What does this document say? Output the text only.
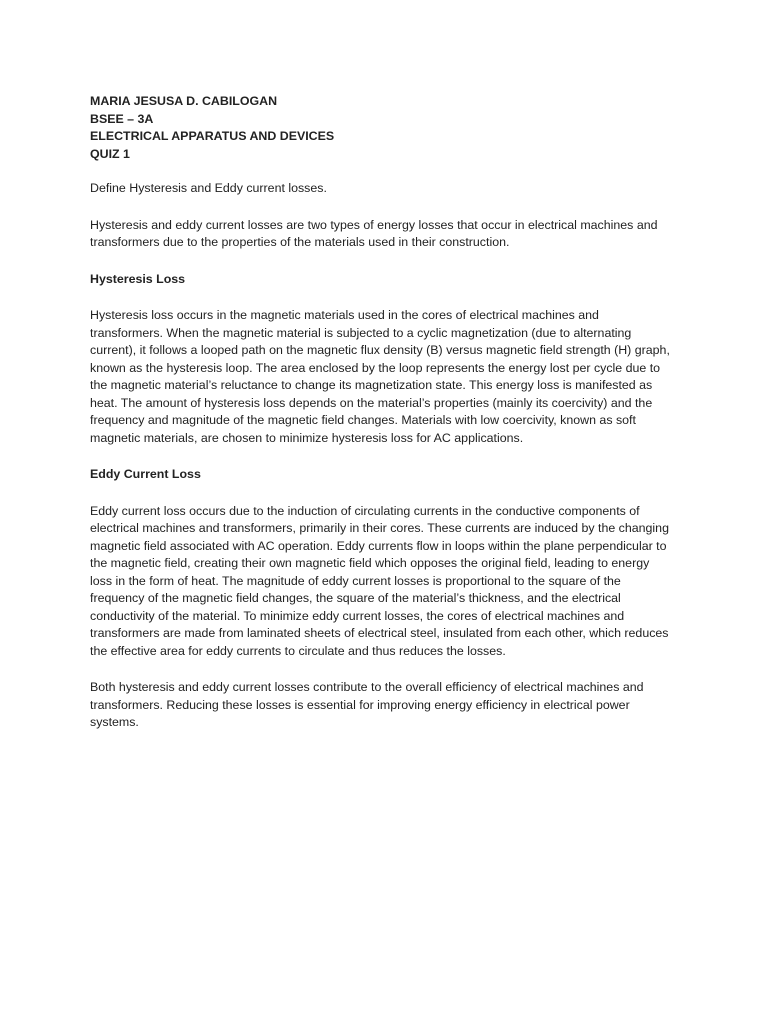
MARIA JESUSA D. CABILOGAN

BSEE – 3A

ELECTRICAL APPARATUS AND DEVICES

QUIZ 1

Define Hysteresis and Eddy current losses.

Hysteresis and eddy current losses are two types of energy losses that occur in electrical machines and transformers due to the properties of the materials used in their construction.

Hysteresis Loss

Hysteresis loss occurs in the magnetic materials used in the cores of electrical machines and transformers. When the magnetic material is subjected to a cyclic magnetization (due to alternating current), it follows a looped path on the magnetic flux density (B) versus magnetic field strength (H) graph, known as the hysteresis loop. The area enclosed by the loop represents the energy lost per cycle due to the magnetic material’s reluctance to change its magnetization state. This energy loss is manifested as heat. The amount of hysteresis loss depends on the material’s properties (mainly its coercivity) and the frequency and magnitude of the magnetic field changes. Materials with low coercivity, known as soft magnetic materials, are chosen to minimize hysteresis loss for AC applications.

Eddy Current Loss

Eddy current loss occurs due to the induction of circulating currents in the conductive components of electrical machines and transformers, primarily in their cores. These currents are induced by the changing magnetic field associated with AC operation. Eddy currents flow in loops within the plane perpendicular to the magnetic field, creating their own magnetic field which opposes the original field, leading to energy loss in the form of heat. The magnitude of eddy current losses is proportional to the square of the frequency of the magnetic field changes, the square of the material’s thickness, and the electrical conductivity of the material. To minimize eddy current losses, the cores of electrical machines and transformers are made from laminated sheets of electrical steel, insulated from each other, which reduces the effective area for eddy currents to circulate and thus reduces the losses.

Both hysteresis and eddy current losses contribute to the overall efficiency of electrical machines and transformers. Reducing these losses is essential for improving energy efficiency in electrical power systems.
